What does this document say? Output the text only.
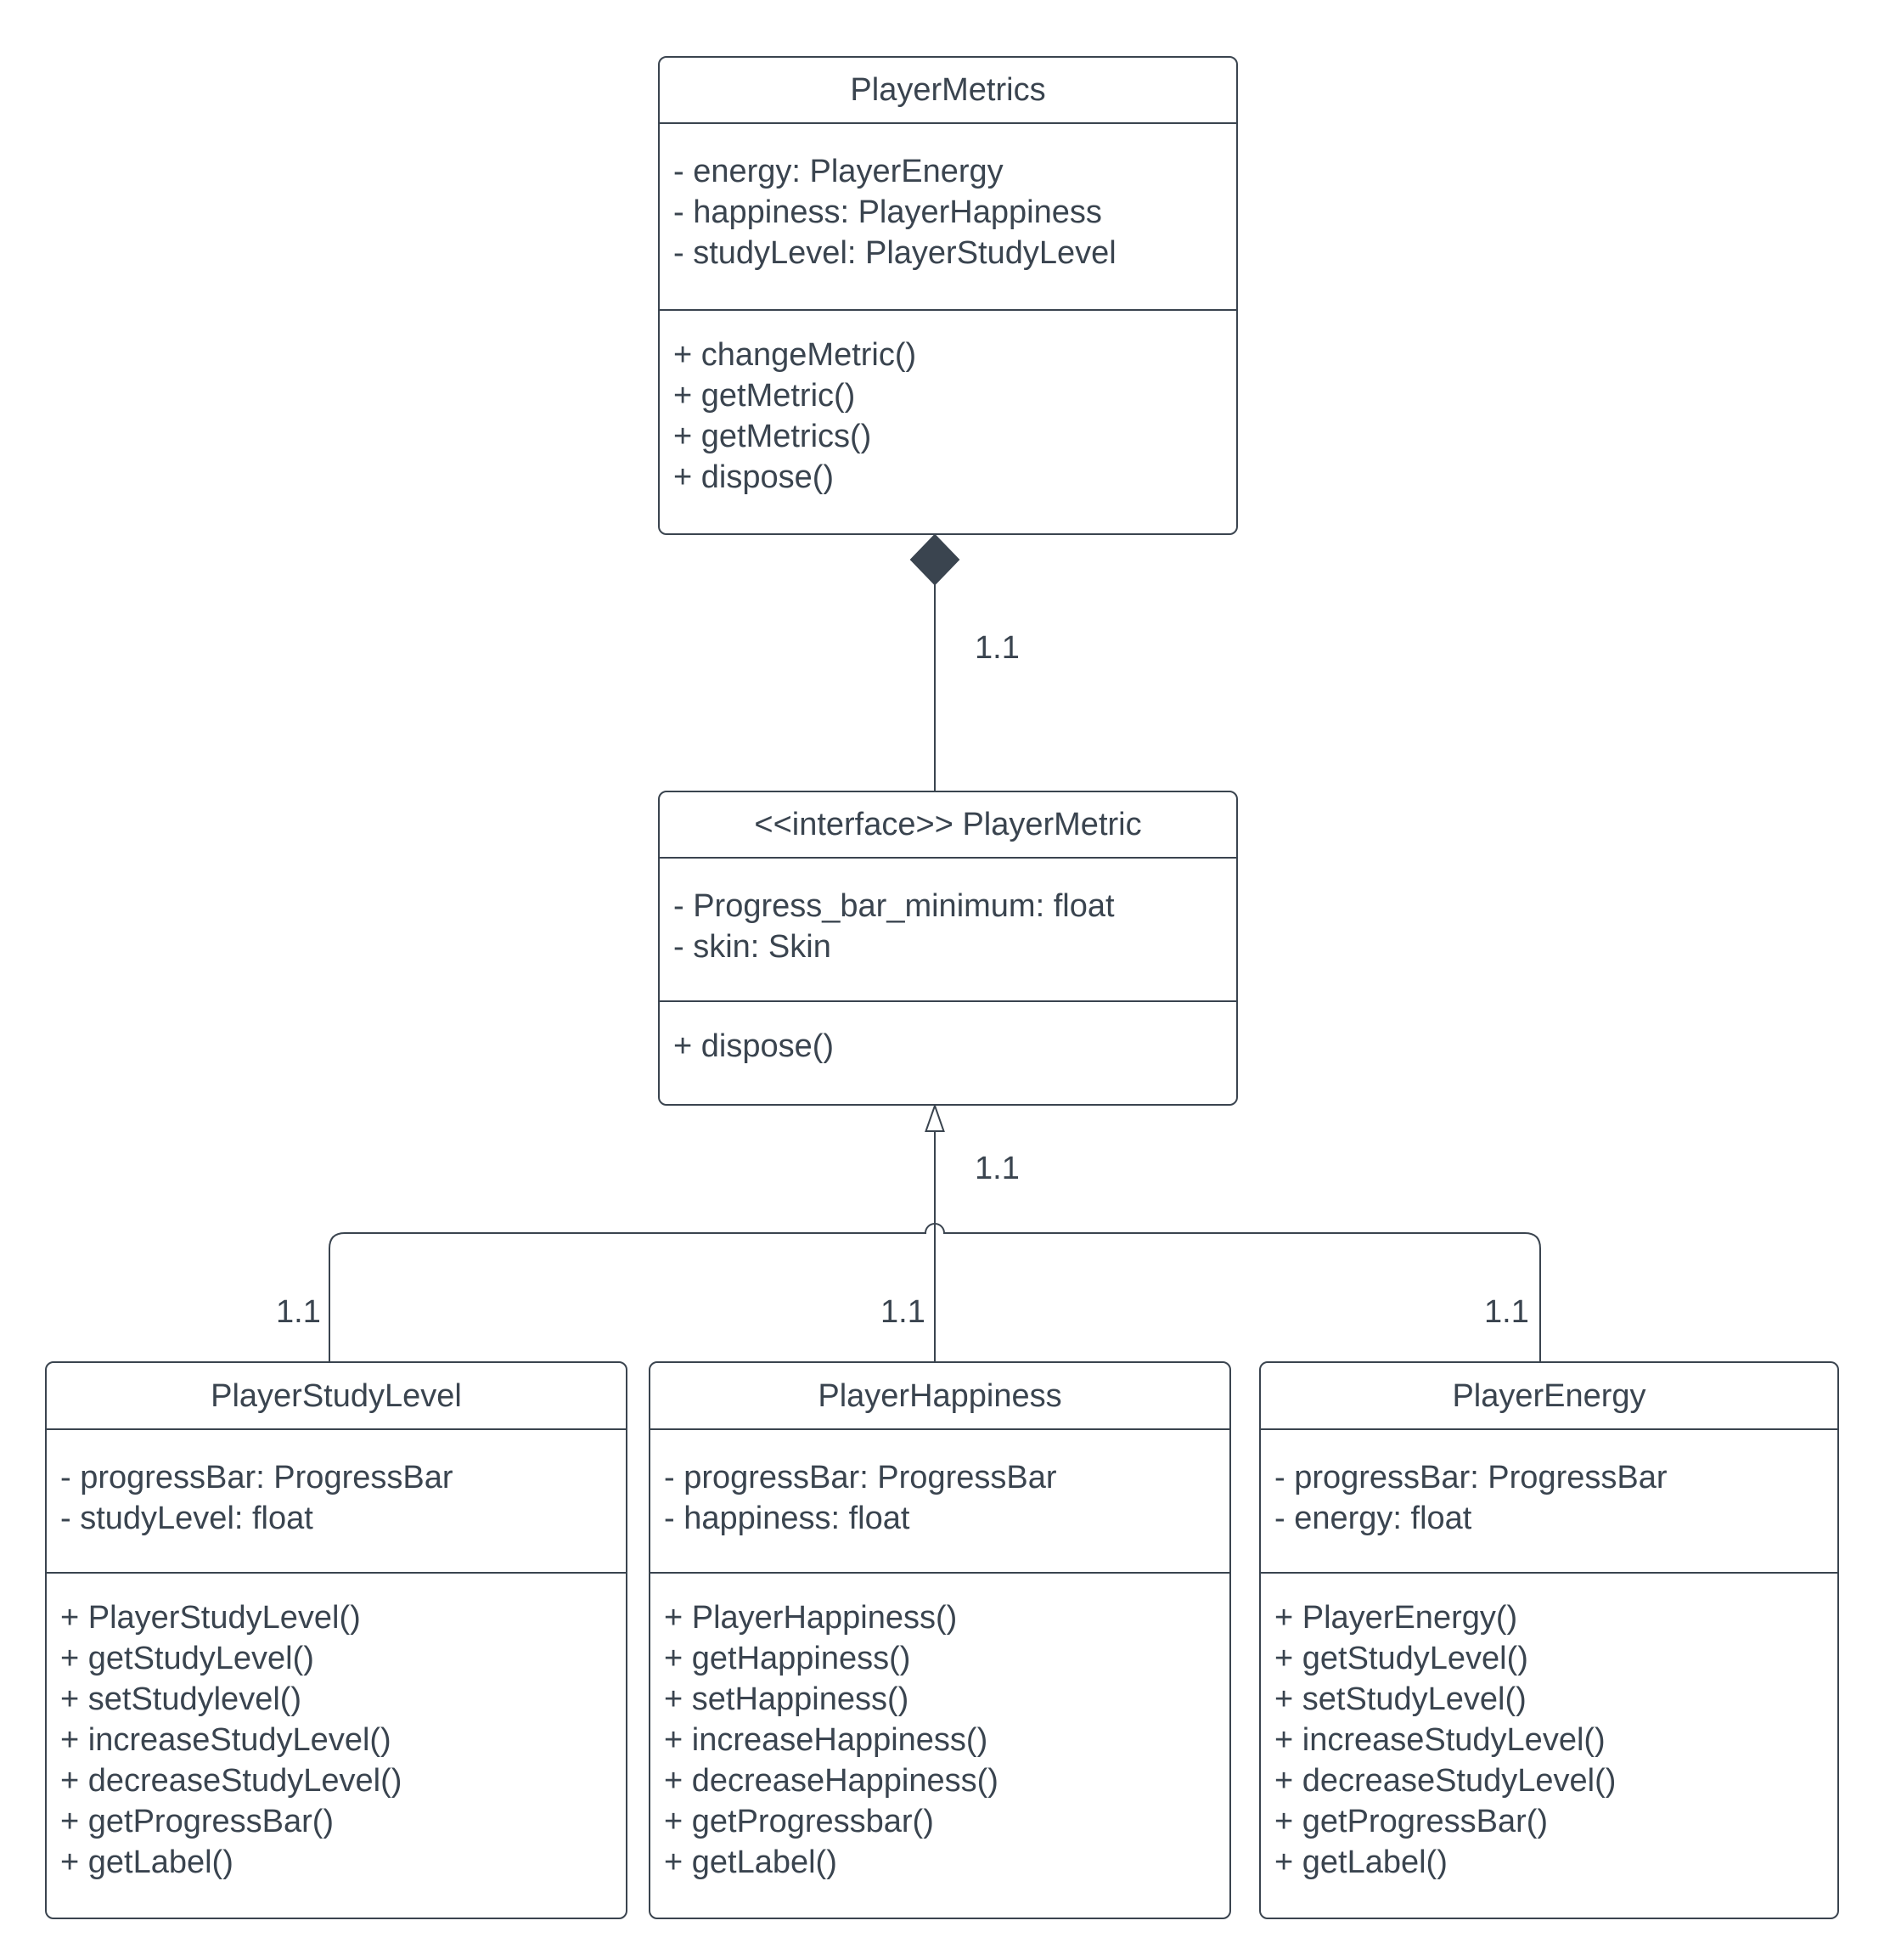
PlayerMetrics
- energy: PlayerEnergy
- happiness: PlayerHappiness
- studyLevel: PlayerStudyLevel
+ changeMetric()
+ getMetric()
+ getMetrics()
+ dispose()
<<interface>> PlayerMetric
- Progress_bar_minimum: float
- skin: Skin
+ dispose()
PlayerStudyLevel
- progressBar: ProgressBar
- studyLevel: float
+ PlayerStudyLevel()
+ getStudyLevel()
+ setStudylevel()
+ increaseStudyLevel()
+ decreaseStudyLevel()
+ getProgressBar()
+ getLabel()
PlayerHappiness
- progressBar: ProgressBar
- happiness: float
+ PlayerHappiness()
+ getHappiness()
+ setHappiness()
+ increaseHappiness()
+ decreaseHappiness()
+ getProgressbar()
+ getLabel()
PlayerEnergy
- progressBar: ProgressBar
- energy: float
+ PlayerEnergy()
+ getStudyLevel()
+ setStudyLevel()
+ increaseStudyLevel()
+ decreaseStudyLevel()
+ getProgressBar()
+ getLabel()
1.1
1.1
1.1	1.1	1.1
